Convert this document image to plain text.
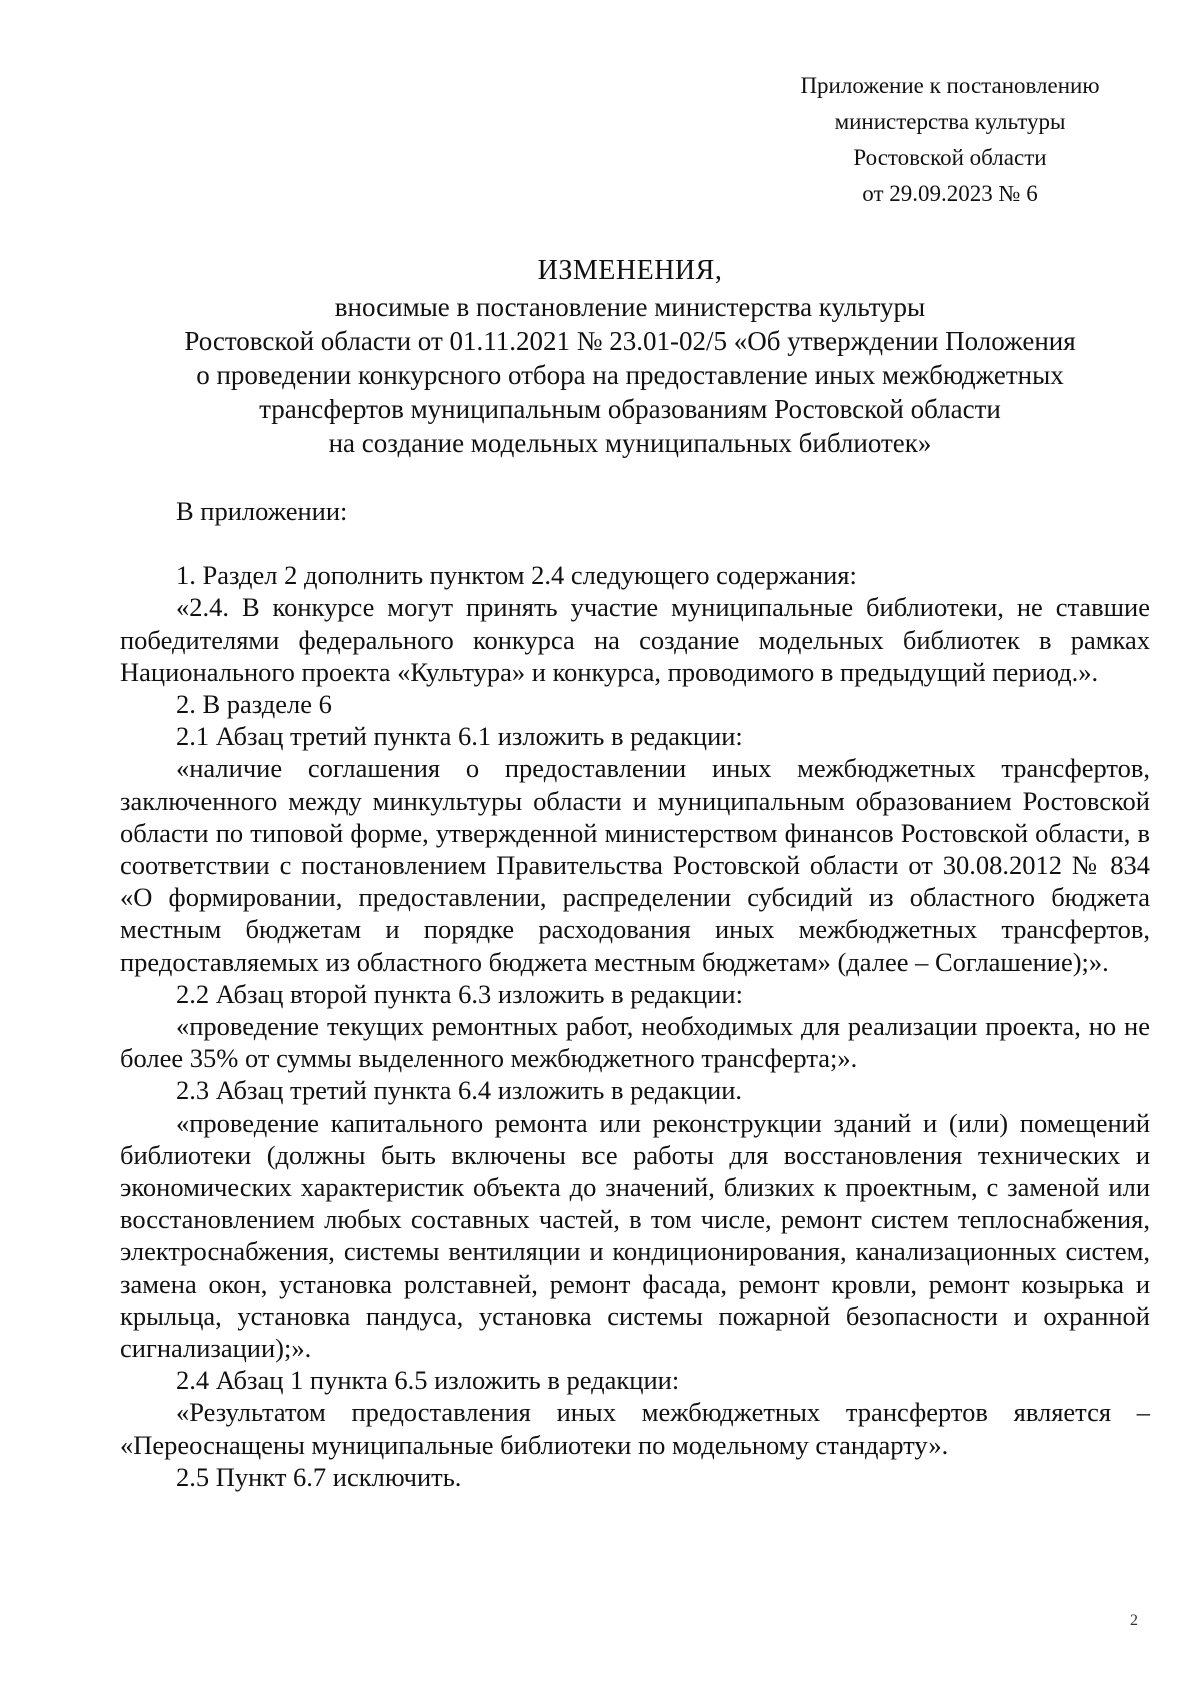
Приложение к постановлению
министерства культуры
Ростовской области
от 29.09.2023 № 6
ИЗМЕНЕНИЯ,
вносимые в постановление министерства культуры
Ростовской области от 01.11.2021 № 23.01-02/5 «Об утверждении Положения
о проведении конкурсного отбора на предоставление иных межбюджетных
трансфертов муниципальным образованиям Ростовской области
на создание модельных муниципальных библиотек»

В приложении:

1. Раздел 2 дополнить пунктом 2.4 следующего содержания:

«2.4. В конкурсе могут принять участие муниципальные библиотеки, не ставшие победителями федерального конкурса на создание модельных библиотек в рамках Национального проекта «Культура» и конкурса, проводимого в предыдущий период.».

2. В разделе 6

2.1 Абзац третий пункта 6.1 изложить в редакции:

«наличие соглашения о предоставлении иных межбюджетных трансфертов, заключенного между минкультуры области и муниципальным образованием Ростовской области по типовой форме, утвержденной министерством финансов Ростовской области, в соответствии с постановлением Правительства Ростовской области от 30.08.2012 № 834 «О формировании, предоставлении, распределении субсидий из областного бюджета местным бюджетам и порядке расходования иных межбюджетных трансфертов, предоставляемых из областного бюджета местным бюджетам» (далее – Соглашение);».

2.2 Абзац второй пункта 6.3 изложить в редакции:

«проведение текущих ремонтных работ, необходимых для реализации проекта, но не более 35% от суммы выделенного межбюджетного трансферта;».

2.3 Абзац третий пункта 6.4 изложить в редакции.

«проведение капитального ремонта или реконструкции зданий и (или) помещений библиотеки (должны быть включены все работы для восстановления технических и экономических характеристик объекта до значений, близких к проектным, с заменой или восстановлением любых составных частей, в том числе, ремонт систем теплоснабжения, электроснабжения, системы вентиляции и кондиционирования, канализационных систем, замена окон, установка ролставней, ремонт фасада, ремонт кровли, ремонт козырька и крыльца, установка пандуса, установка системы пожарной безопасности и охранной сигнализации);».

2.4 Абзац 1 пункта 6.5 изложить в редакции:

«Результатом предоставления иных межбюджетных трансфертов является – «Переоснащены муниципальные библиотеки по модельному стандарту».

2.5 Пункт 6.7 исключить.

2
